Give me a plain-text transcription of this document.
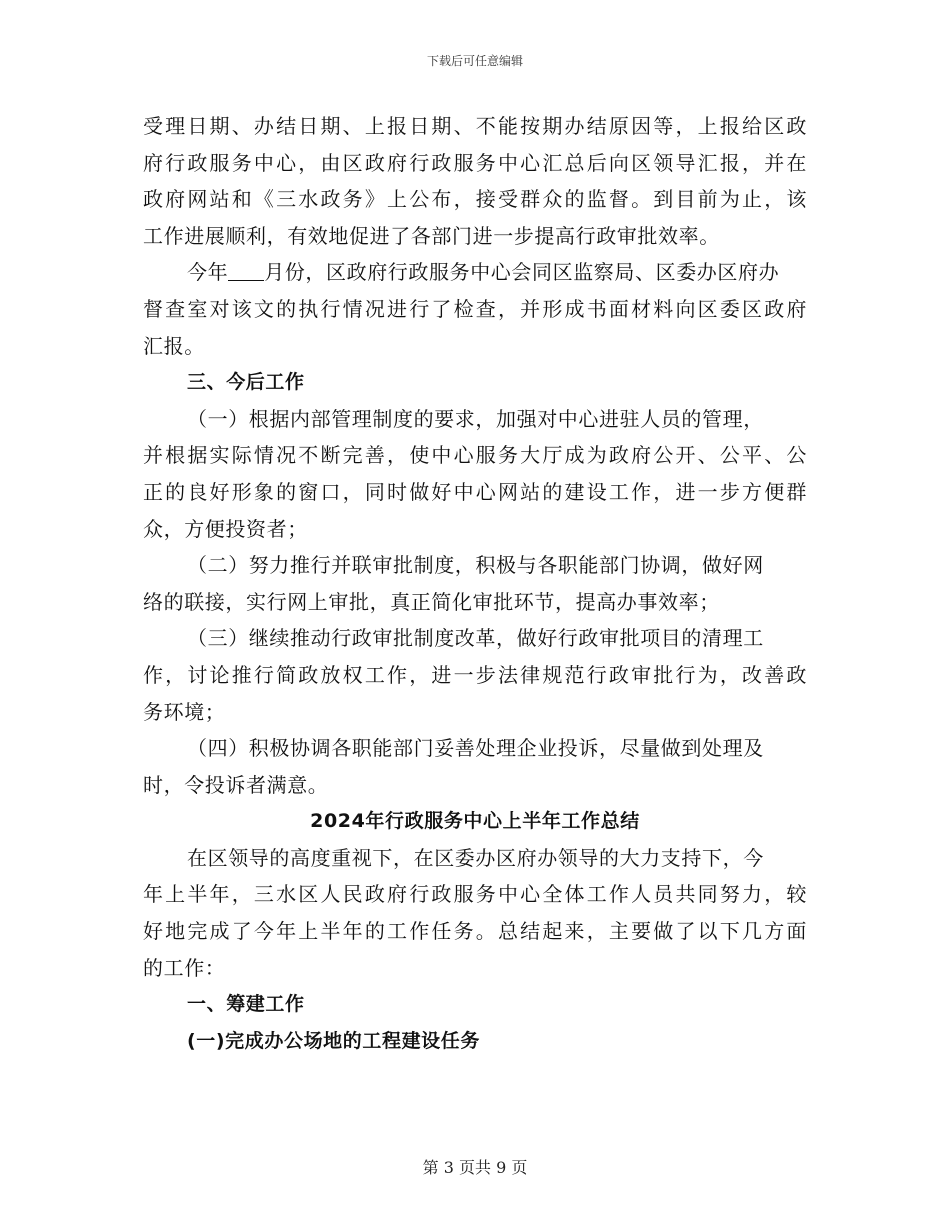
下载后可任意编辑
受理日期、办结日期、上报日期、不能按期办结原因等，上报给区政
府行政服务中心，由区政府行政服务中心汇总后向区领导汇报，并在
政府网站和《三水政务》上公布，接受群众的监督。到目前为止，该
工作进展顺利，有效地促进了各部门进一步提高行政审批效率。
今年 月份，区政府行政服务中心会同区监察局、区委办区府办
督查室对该文的执行情况进行了检查，并形成书面材料向区委区政府
汇报。
三、今后工作
（一）根据内部管理制度的要求，加强对中心进驻人员的管理，
并根据实际情况不断完善，使中心服务大厅成为政府公开、公平、公
正的良好形象的窗口，同时做好中心网站的建设工作，进一步方便群
众，方便投资者；
（二）努力推行并联审批制度，积极与各职能部门协调，做好网
络的联接，实行网上审批，真正简化审批环节，提高办事效率；
（三）继续推动行政审批制度改革，做好行政审批项目的清理工
作，讨论推行简政放权工作，进一步法律规范行政审批行为，改善政
务环境；
（四）积极协调各职能部门妥善处理企业投诉，尽量做到处理及
时，令投诉者满意。
2024年行政服务中心上半年工作总结
在区领导的高度重视下，在区委办区府办领导的大力支持下，今
年上半年，三水区人民政府行政服务中心全体工作人员共同努力，较
好地完成了今年上半年的工作任务。总结起来，主要做了以下几方面
的工作：
一、筹建工作
(一)完成办公场地的工程建设任务
第 3 页共 9 页
